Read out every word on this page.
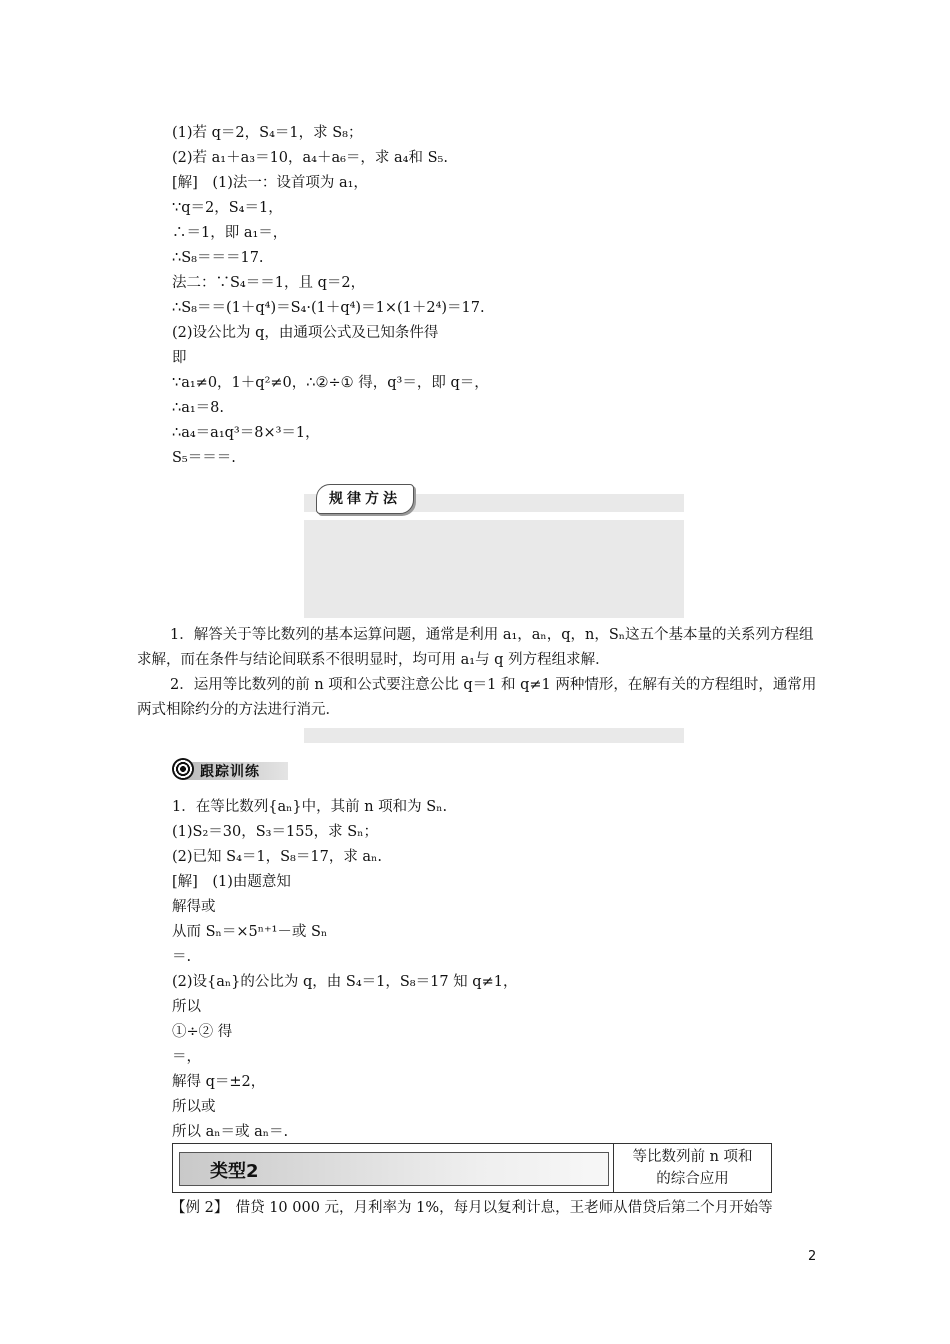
(1)若 q＝2，S₄＝1，求 S₈；
(2)若 a₁＋a₃＝10，a₄＋a₆＝，求 a₄和 S₅.
[解]　(1)法一：设首项为 a₁，
∵q＝2，S₄＝1，
∴＝1，即 a₁＝，
∴S₈＝＝＝17.
法二：∵S₄＝＝1，且 q＝2，
∴S₈＝＝(1＋q⁴)＝S₄·(1＋q⁴)＝1×(1＋2⁴)＝17.
(2)设公比为 q，由通项公式及已知条件得
即
∵a₁≠0，1＋q²≠0，∴②÷① 得，q³＝，即 q＝，
∴a₁＝8.
∴a₄＝a₁q³＝8×³＝1，
S₅＝＝＝.
规律方法

1．解答关于等比数列的基本运算问题，通常是利用 a₁，aₙ，q，n，Sₙ这五个基本量的关系列方程组求解，而在条件与结论间联系不很明显时，均可用 a₁与 q 列方程组求解．

2．运用等比数列的前 n 项和公式要注意公比 q＝1 和 q≠1 两种情形，在解有关的方程组时，通常用两式相除约分的方法进行消元．

跟踪训练
1．在等比数列{aₙ}中，其前 n 项和为 Sₙ.
(1)S₂＝30，S₃＝155，求 Sₙ；
(2)已知 S₄＝1，S₈＝17，求 aₙ.
[解]　(1)由题意知
解得或
从而 Sₙ＝×5ⁿ⁺¹－或 Sₙ
＝.
(2)设{aₙ}的公比为 q，由 S₄＝1，S₈＝17 知 q≠1，
所以
①÷② 得
＝，
解得 q＝±2，
所以或
所以 aₙ＝或 aₙ＝.
类型2
等比数列前 n 项和
的综合应用
【例 2】　借贷 10 000 元，月利率为 1%，每月以复利计息，王老师从借贷后第二个月开始等
2
